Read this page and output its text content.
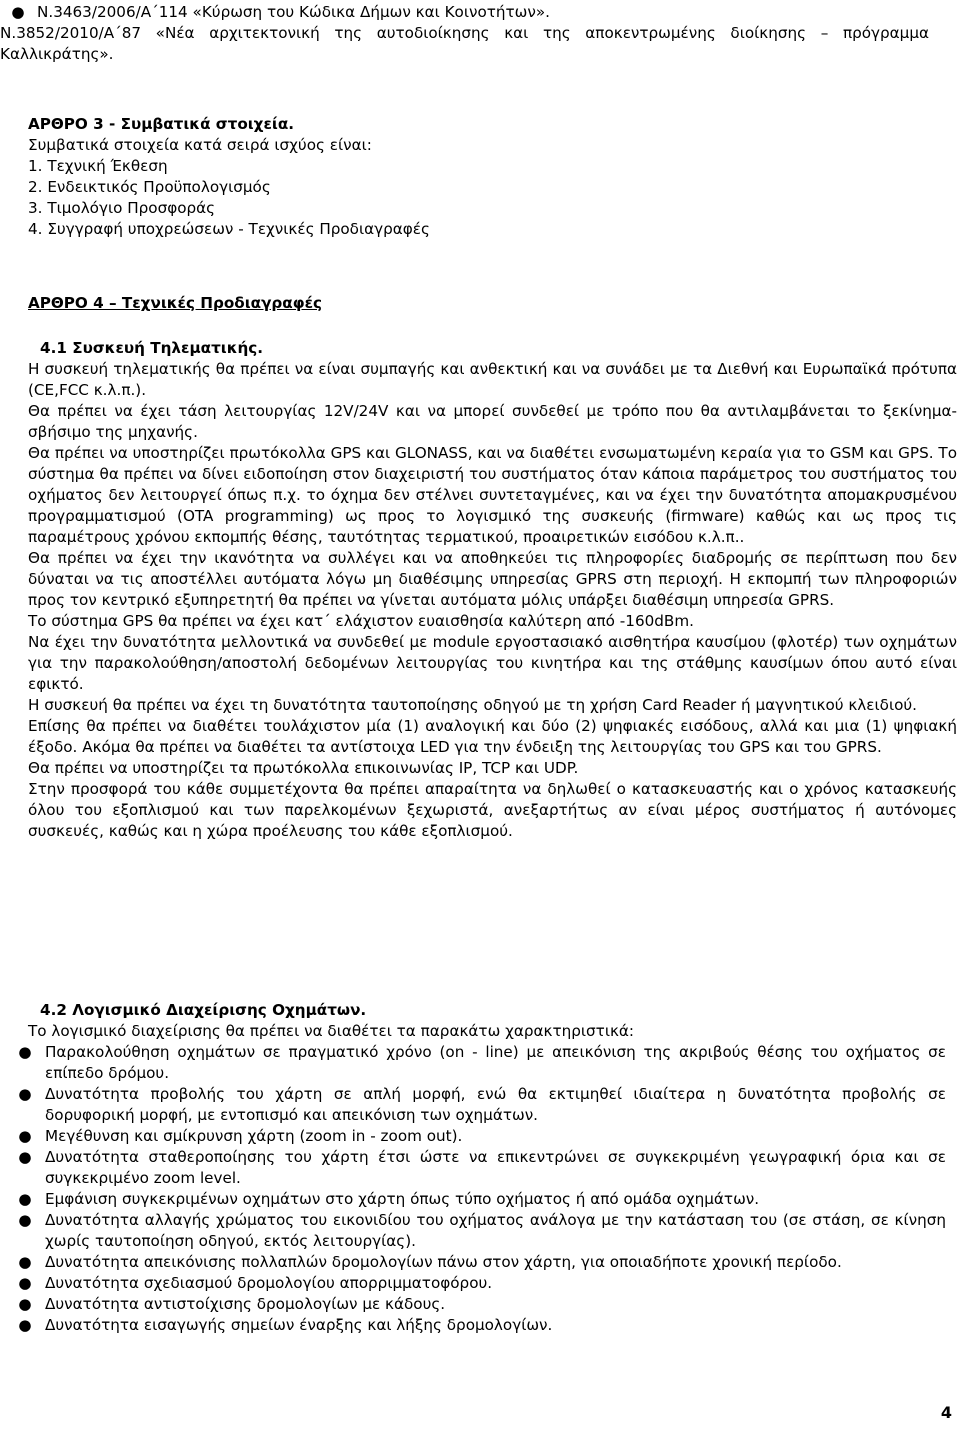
● Ν.3463/2006/Α΄114 «Κύρωση του Κώδικα Δήμων και Κοινοτήτων».
Ν.3852/2010/Α΄87 «Νέα αρχιτεκτονική της αυτοδιοίκησης και της αποκεντρωμένης διοίκησης – πρόγραμμα Καλλικράτης».
ΑΡΘΡΟ 3 - Συμβατικά στοιχεία.
Συμβατικά στοιχεία κατά σειρά ισχύος είναι:
1. Τεχνική Έκθεση
2. Ενδεικτικός Προϋπολογισμός
3. Τιμολόγιο Προσφοράς
4. Συγγραφή υποχρεώσεων - Τεχνικές Προδιαγραφές
ΑΡΘΡΟ 4 – Τεχνικές Προδιαγραφές
4.1 Συσκευή Τηλεματικής.
Η συσκευή τηλεματικής θα πρέπει να είναι συμπαγής και ανθεκτική και να συνάδει με τα Διεθνή και Ευρωπαϊκά πρότυπα (CE,FCC κ.λ.π.).
Θα πρέπει να έχει τάση λειτουργίας 12V/24V και να μπορεί συνδεθεί με τρόπο που θα αντιλαμβάνεται το ξεκίνημα-σβήσιμο της μηχανής.
Θα πρέπει να υποστηρίζει πρωτόκολλα GPS και GLONASS, και να διαθέτει ενσωματωμένη κεραία για το GSM και GPS. Το σύστημα θα πρέπει να δίνει ειδοποίηση στον διαχειριστή του συστήματος όταν κάποια παράμετρος του συστήματος του οχήματος δεν λειτουργεί όπως π.χ. το όχημα δεν στέλνει συντεταγμένες, και να έχει την δυνατότητα απομακρυσμένου προγραμματισμού (OTA programming) ως προς το λογισμικό της συσκευής (firmware) καθώς και ως προς τις παραμέτρους χρόνου εκπομπής θέσης, ταυτότητας τερματικού, προαιρετικών εισόδου κ.λ.π..
Θα πρέπει να έχει την ικανότητα να συλλέγει και να αποθηκεύει τις πληροφορίες διαδρομής σε περίπτωση που δεν δύναται να τις αποστέλλει αυτόματα λόγω μη διαθέσιμης υπηρεσίας GPRS στη περιοχή. Η εκπομπή των πληροφοριών προς τον κεντρικό εξυπηρετητή θα πρέπει να γίνεται αυτόματα μόλις υπάρξει διαθέσιμη υπηρεσία GPRS.
Το σύστημα GPS θα πρέπει να έχει κατ΄ ελάχιστον ευαισθησία καλύτερη από -160dBm.
Να έχει την δυνατότητα μελλοντικά να συνδεθεί με module εργοστασιακό αισθητήρα καυσίμου (φλοτέρ) των οχημάτων για την παρακολούθηση/αποστολή δεδομένων λειτουργίας του κινητήρα και της στάθμης καυσίμων όπου αυτό είναι εφικτό.
Η συσκευή θα πρέπει να έχει τη δυνατότητα ταυτοποίησης οδηγού με τη χρήση Card Reader ή μαγνητικού κλειδιού.
Επίσης θα πρέπει να διαθέτει τουλάχιστον μία (1) αναλογική και δύο (2) ψηφιακές εισόδους, αλλά και μια (1) ψηφιακή έξοδο. Ακόμα θα πρέπει να διαθέτει τα αντίστοιχα LED για την ένδειξη της λειτουργίας του GPS και του GPRS.
Θα πρέπει να υποστηρίζει τα πρωτόκολλα επικοινωνίας IP, TCP και UDP.
Στην προσφορά του κάθε συμμετέχοντα θα πρέπει απαραίτητα να δηλωθεί ο κατασκευαστής και ο χρόνος κατασκευής όλου του εξοπλισμού και των παρελκομένων ξεχωριστά, ανεξαρτήτως αν είναι μέρος συστήματος ή αυτόνομες συσκευές, καθώς και η χώρα προέλευσης του κάθε εξοπλισμού.
4.2 Λογισμικό Διαχείρισης Οχημάτων.
Το λογισμικό διαχείρισης θα πρέπει να διαθέτει τα παρακάτω χαρακτηριστικά:
● Παρακολούθηση οχημάτων σε πραγματικό χρόνο (on - line) με απεικόνιση της ακριβούς θέσης του οχήματος σε επίπεδο δρόμου.
● Δυνατότητα προβολής του χάρτη σε απλή μορφή, ενώ θα εκτιμηθεί ιδιαίτερα η δυνατότητα προβολής σε δορυφορική μορφή, με εντοπισμό και απεικόνιση των οχημάτων.
● Μεγέθυνση και σμίκρυνση χάρτη (zoom in - zoom out).
● Δυνατότητα σταθεροποίησης του χάρτη έτσι ώστε να επικεντρώνει σε συγκεκριμένη γεωγραφική όρια και σε συγκεκριμένο zoom level.
● Εμφάνιση συγκεκριμένων οχημάτων στο χάρτη όπως τύπο οχήματος ή από ομάδα οχημάτων.
● Δυνατότητα αλλαγής χρώματος του εικονιδίου του οχήματος ανάλογα με την κατάσταση του (σε στάση, σε κίνηση χωρίς ταυτοποίηση οδηγού, εκτός λειτουργίας).
● Δυνατότητα απεικόνισης πολλαπλών δρομολογίων πάνω στον χάρτη, για οποιαδήποτε χρονική περίοδο.
● Δυνατότητα σχεδιασμού δρομολογίου απορριμματοφόρου.
● Δυνατότητα αντιστοίχισης δρομολογίων με κάδους.
● Δυνατότητα εισαγωγής σημείων έναρξης και λήξης δρομολογίων.
4
